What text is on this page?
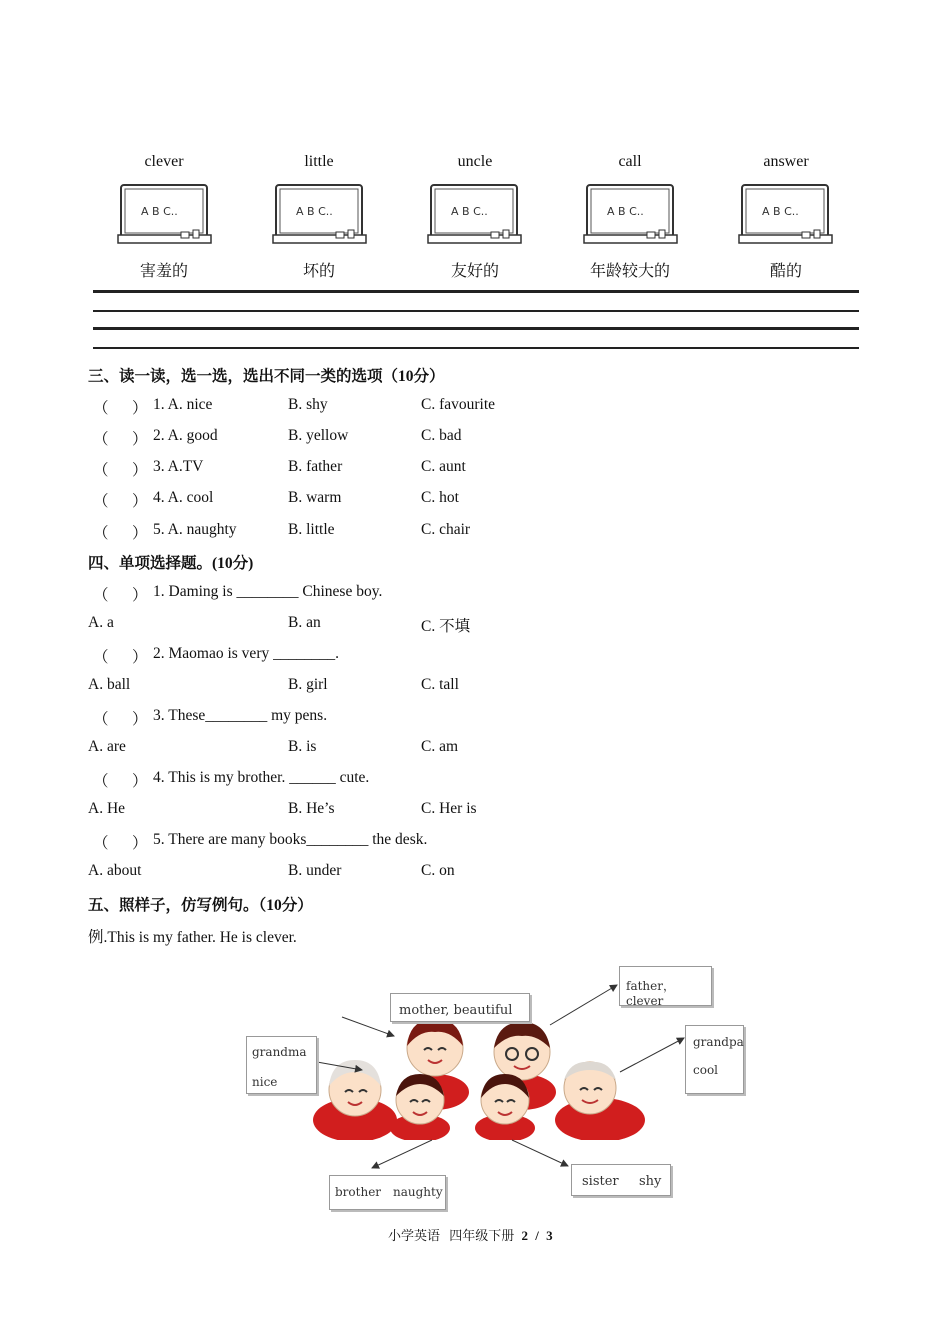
clever	little	uncle	call	answer
A B C..	A B C..	A B C..	A B C..	A B C..
害羞的	坏的	友好的	年龄较大的	酷的
三、读一读，选一选，选出不同一类的选项（10分）
（ ） 1. A. nice	B. shy	C. favourite
（ ） 2. A. good	B. yellow	C. bad
（ ） 3. A.TV	B. father	C. aunt
（ ） 4. A. cool	B. warm	C. hot
（ ） 5. A. naughty	B. little	C. chair
四、单项选择题。(10分)
（ ） 1. Daming is ________ Chinese boy.
A. a	B. an	C. 不填
（ ） 2. Maomao is very ________.
A. ball	B. girl	C. tall
（ ） 3. These________ my pens.
A. are	B. is	C. am
（ ） 4. This is my brother. ______ cute.
A. He	B. He’s	C. Her is
（ ） 5. There are many books________ the desk.
A. about	B. under	C. on
五、照样子，仿写例句。（10分）
例.This is my father. He is clever.
mother, beautiful
father，clever
grandma
nice
grandpa
cool
brother naughty
sister shy
小学英语 四年级下册 2 / 3
